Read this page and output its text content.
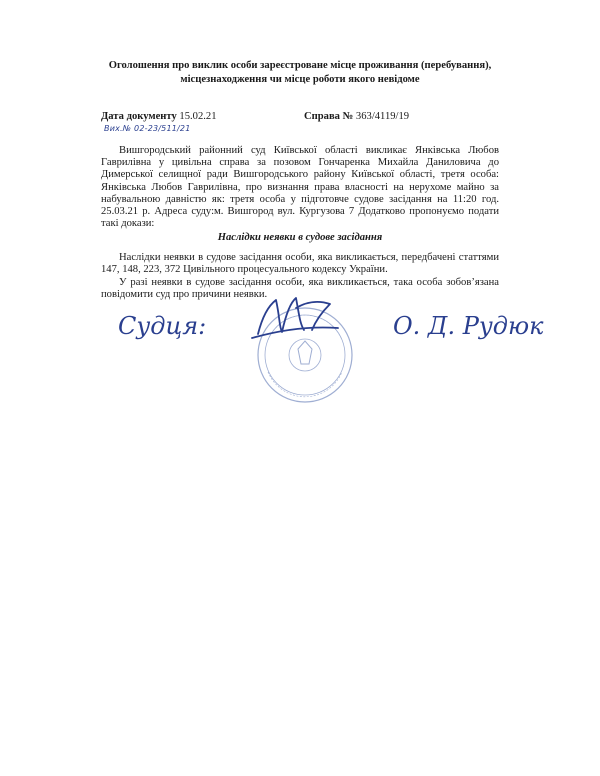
Оголошення про виклик особи зареєстроване місце проживання (перебування),
місцезнаходження чи місце роботи якого невідоме
Дата документу 15.02.21	Справа № 363/4119/19
Вих.№ 02-23/511/21
Вишгородський районний суд Київської області викликає Янківська Любов Гаврилівна у цивільна справа за позовом Гончаренка Михайла Даниловича до Димерської селищної ради Вишгородського району Київської області, третя особа: Янківська Любов Гаврилівна, про визнання права власності на нерухоме майно за набувальною давністю як: третя особа у підготовче судове засідання на 11:20 год. 25.03.21 р. Адреса суду:м. Вишгород вул. Кургузова 7 Додатково пропонуємо подати такі докази:
Наслідки неявки в судове засідання
Наслідки неявки в судове засідання особи, яка викликається, передбачені статтями 147, 148, 223, 372 Цивільного процесуального кодексу України.
У разі неявки в судове засідання особи, яка викликається, така особа зобов’язана повідомити суд про причини неявки.
Судця:	О. Д. Рудюк
